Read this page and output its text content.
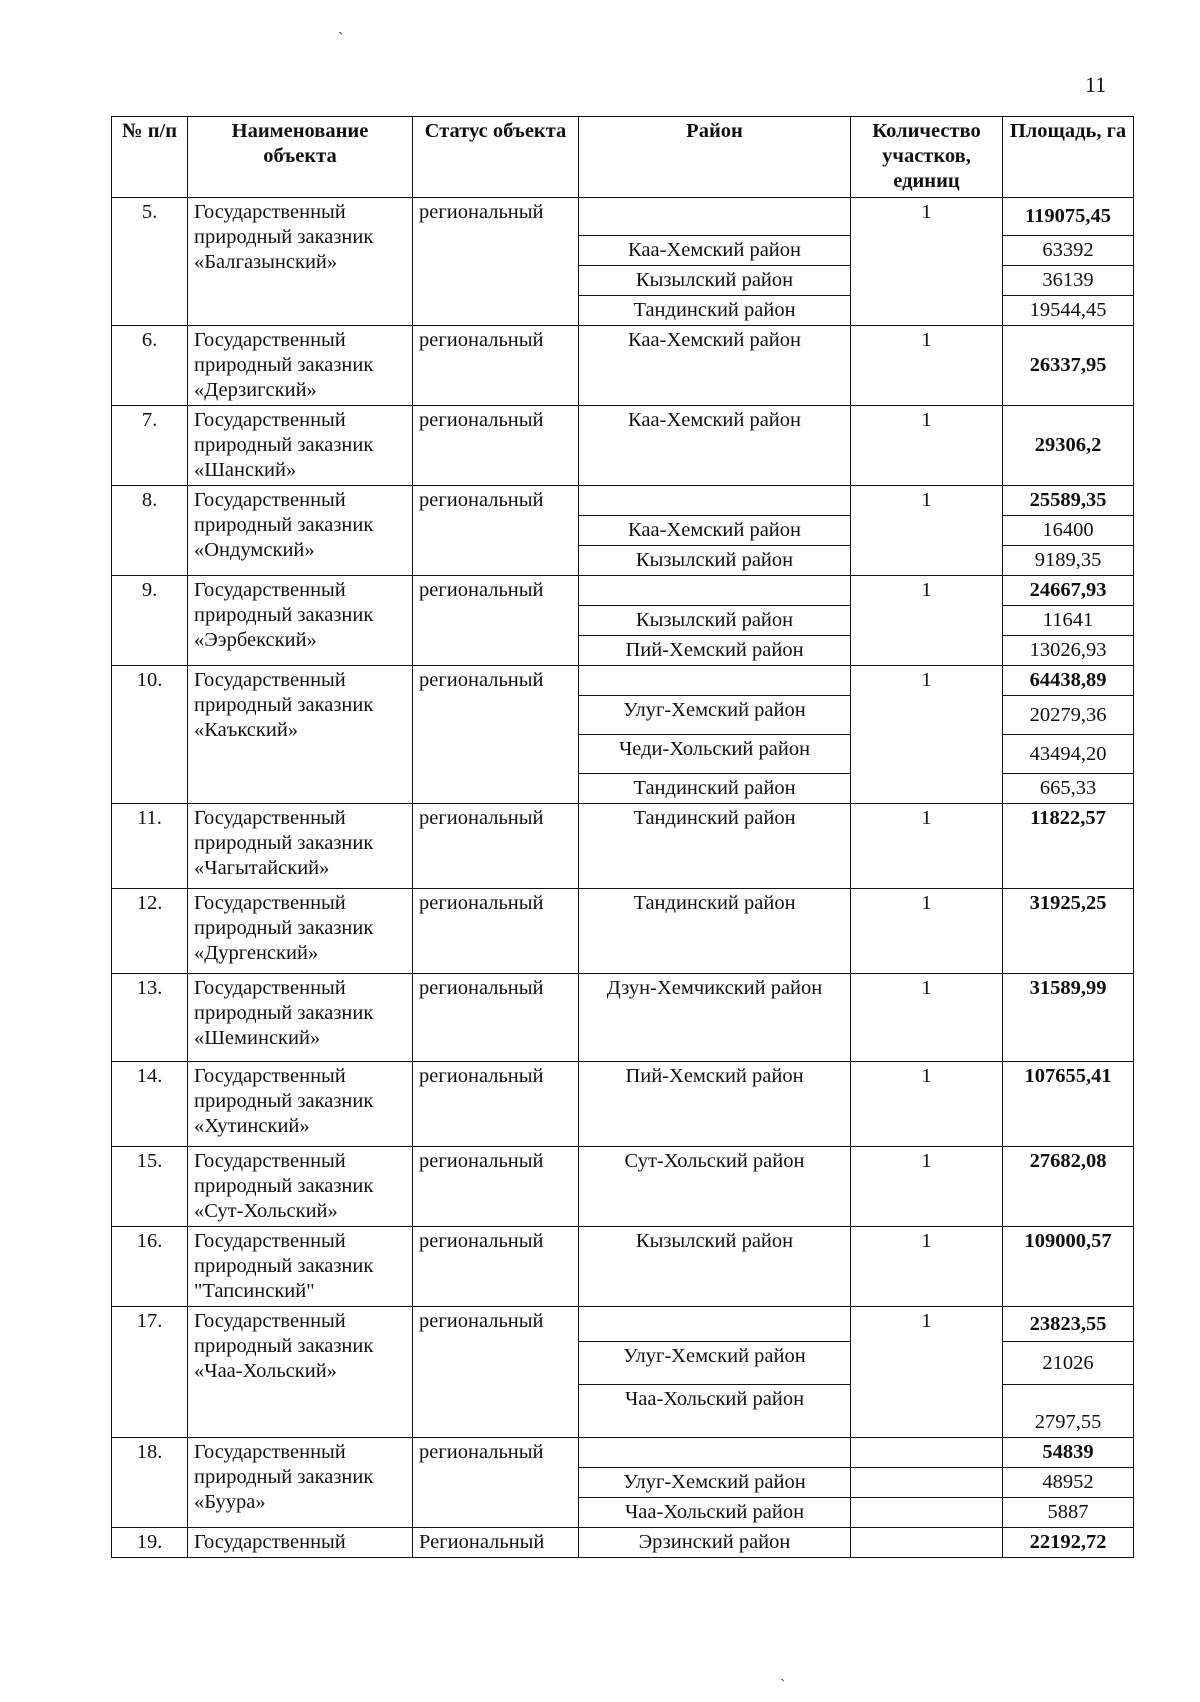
11
ˋ
ˏ
№ п/п	Наименование объекта	Статус объекта	Район	Количество участков, единиц	Площадь, га
5.	Государственный природный заказник «Балгазынский»	региональный		1	119075,45
			Каа-Хемский район		63392
			Кызылский район		36139
			Тандинский район		19544,45
6.	Государственный природный заказник «Дерзигский»	региональный	Каа-Хемский район	1	26337,95
7.	Государственный природный заказник «Шанский»	региональный	Каа-Хемский район	1	29306,2
8.	Государственный природный заказник «Ондумский»	региональный		1	25589,35
			Каа-Хемский район		16400
			Кызылский район		9189,35
9.	Государственный природный заказник «Ээрбекский»	региональный		1	24667,93
			Кызылский район		11641
			Пий-Хемский район		13026,93
10.	Государственный природный заказник «Каъкский»	региональный		1	64438,89
			Улуг-Хемский район		20279,36
			Чеди-Хольский район		43494,20
			Тандинский район		665,33
11.	Государственный природный заказник «Чагытайский»	региональный	Тандинский район	1	11822,57
12.	Государственный природный заказник «Дургенский»	региональный	Тандинский район	1	31925,25
13.	Государственный природный заказник «Шеминский»	региональный	Дзун-Хемчикский район	1	31589,99
14.	Государственный природный заказник «Хутинский»	региональный	Пий-Хемский район	1	107655,41
15.	Государственный природный заказник «Сут-Хольский»	региональный	Сут-Хольский район	1	27682,08
16.	Государственный природный заказник "Тапсинский"	региональный	Кызылский район	1	109000,57
17.	Государственный природный заказник «Чаа-Хольский»	региональный		1	23823,55
			Улуг-Хемский район		21026
			Чаа-Хольский район		2797,55
18.	Государственный природный заказник «Буура»	региональный			54839
			Улуг-Хемский район		48952
			Чаа-Хольский район		5887
19.	Государственный	Региональный	Эрзинский район		22192,72
